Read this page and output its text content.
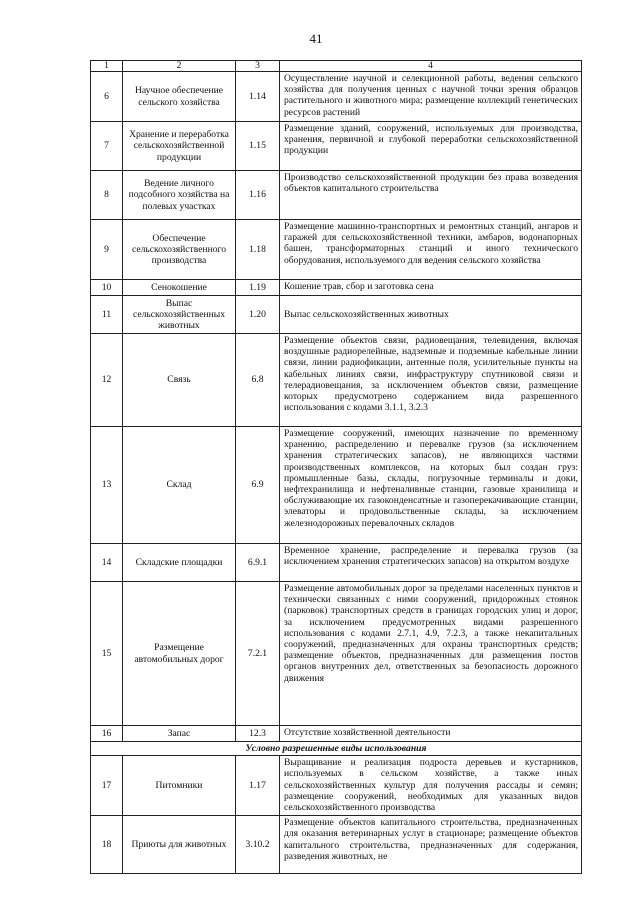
41
1	2	3	4
6	Научное обеспечение сельского хозяйства	1.14	Осуществление научной и селекционной работы, ведения сельского хозяйства для получения ценных с научной точки зрения образцов растительного и животного мира; размещение коллекций генетических ресурсов растений
7	Хранение и переработка сельскохозяйственной продукции	1.15	Размещение зданий, сооружений, используемых для производства, хранения, первичной и глубокой переработки сельскохозяйственной продукции
8	Ведение личного подсобного хозяйства на полевых участках	1.16	Производство сельскохозяйственной продукции без права возведения объектов капитального строительства
9	Обеспечение сельскохозяйственного производства	1.18	Размещение машинно-транспортных и ремонтных станций, ангаров и гаражей для сельскохозяйственной техники, амбаров, водонапорных башен, трансформаторных станций и иного технического оборудования, используемого для ведения сельского хозяйства
10	Сенокошение	1.19	Кошение трав, сбор и заготовка сена
11	Выпас сельскохозяйственных животных	1.20	Выпас сельскохозяйственных животных
12	Связь	6.8	Размещение объектов связи, радиовещания, телевидения, включая воздушные радиорелейные, надземные и подземные кабельные линии связи, линии радиофикации, антенные поля, усилительные пункты на кабельных линиях связи, инфраструктуру спутниковой связи и телерадиовещания, за исключением объектов связи, размещение которых предусмотрено содержанием вида разрешенного использования с кодами 3.1.1, 3.2.3
13	Склад	6.9	Размещение сооружений, имеющих назначение по временному хранению, распределению и перевалке грузов (за исключением хранения стратегических запасов), не являющихся частями производственных комплексов, на которых был создан груз: промышленные базы, склады, погрузочные терминалы и доки, нефтехранилища и нефтеналивные станции, газовые хранилища и обслуживающие их газоконденсатные и газоперекачивающие станции, элеваторы и продовольственные склады, за исключением железнодорожных перевалочных складов
14	Складские площадки	6.9.1	Временное хранение, распределение и перевалка грузов (за исключением хранения стратегических запасов) на открытом воздухе
15	Размещение автомобильных дорог	7.2.1	Размещение автомобильных дорог за пределами населенных пунктов и технически связанных с ними сооружений, придорожных стоянок (парковок) транспортных средств в границах городских улиц и дорог, за исключением предусмотренных видами разрешенного использования с кодами 2.7.1, 4.9, 7.2.3, а также некапитальных сооружений, предназначенных для охраны транспортных средств; размещение объектов, предназначенных для размещения постов органов внутренних дел, ответственных за безопасность дорожного движения
16	Запас	12.3	Отсутствие хозяйственной деятельности
Условно разрешенные виды использования			
17	Питомники	1.17	Выращивание и реализация подроста деревьев и кустарников, используемых в сельском хозяйстве, а также иных сельскохозяйственных культур для получения рассады и семян; размещение сооружений, необходимых для указанных видов сельскохозяйственного производства
18	Приюты для животных	3.10.2	Размещение объектов капитального строительства, предназначенных для оказания ветеринарных услуг в стационаре; размещение объектов капитального строительства, предназначенных для содержания, разведения животных, не
